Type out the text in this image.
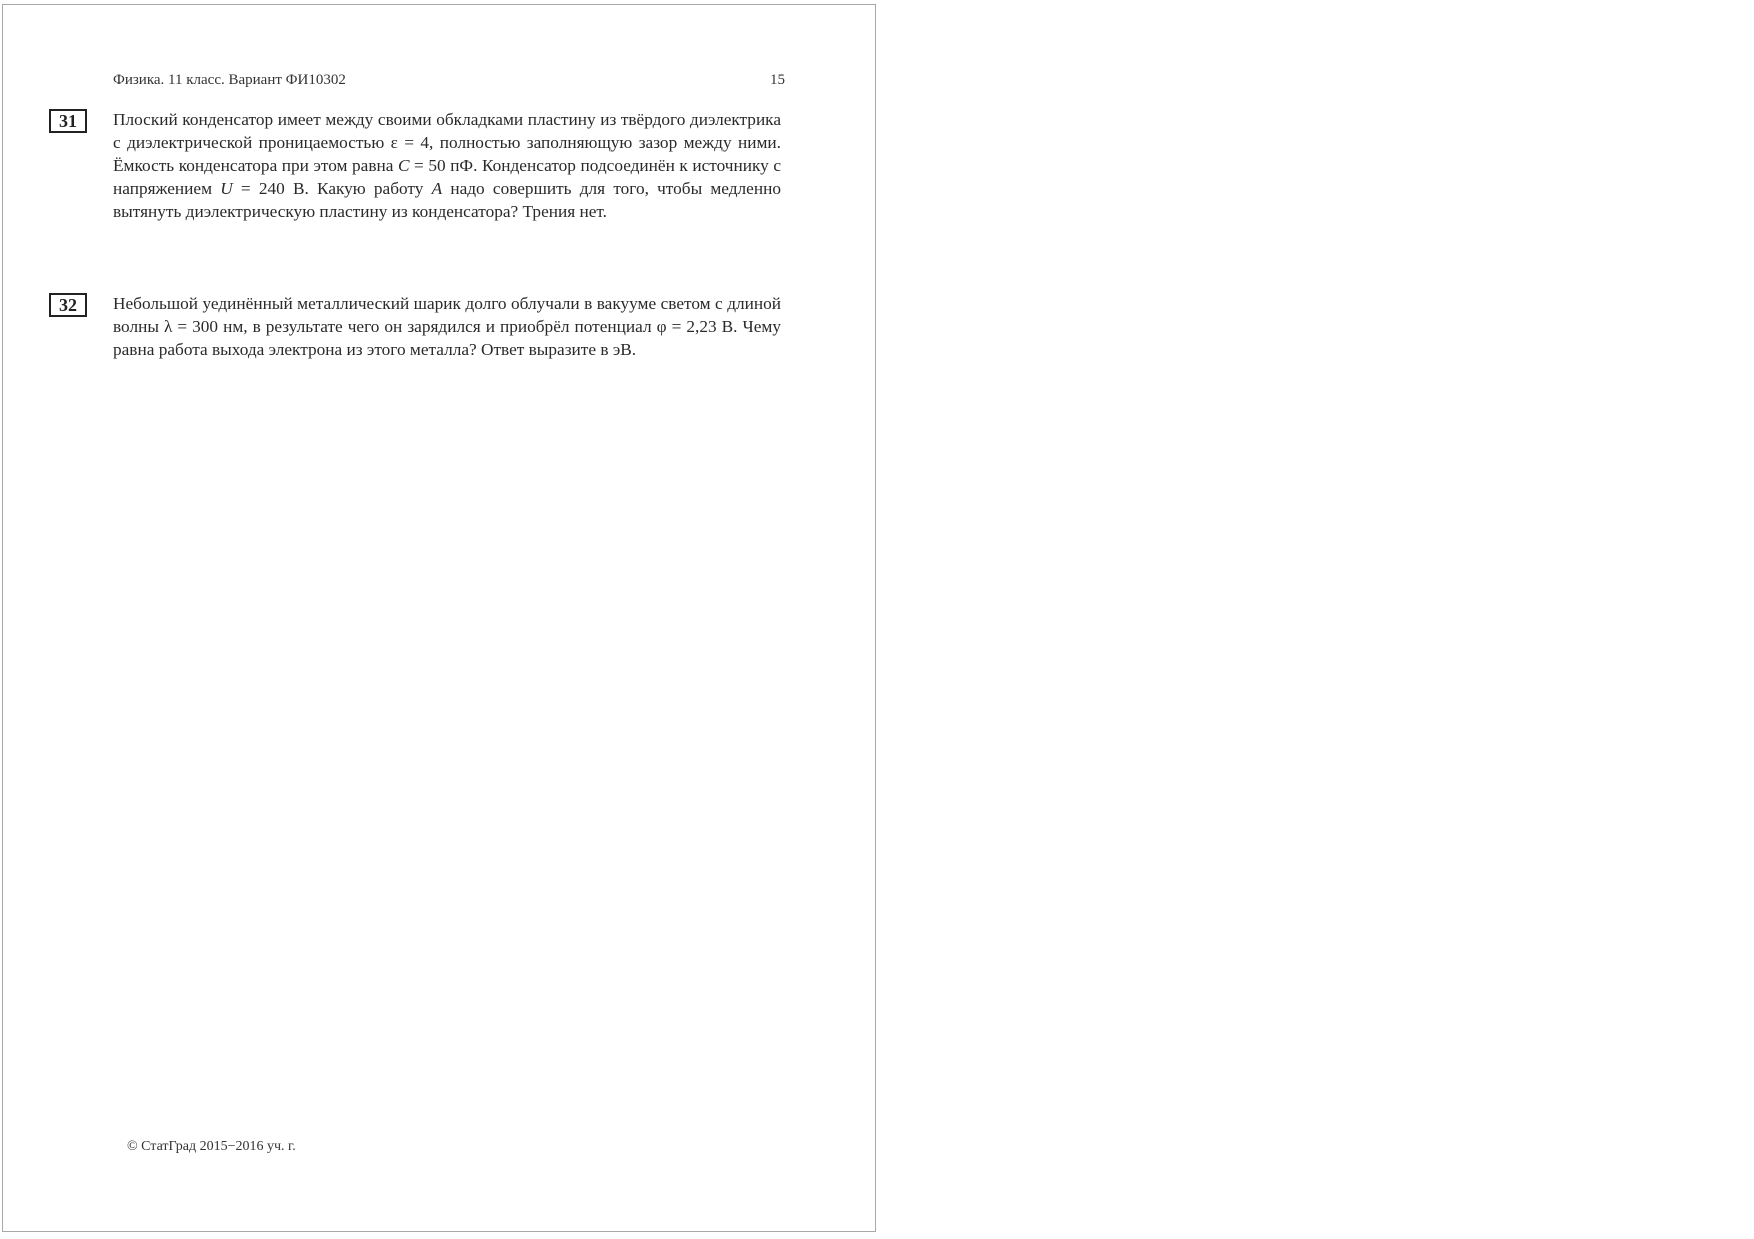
Физика. 11 класс. Вариант ФИ10302	15
31	Плоский конденсатор имеет между своими обкладками пластину из твёрдого диэлектрика с диэлектрической проницаемостью ε = 4, полностью заполняющую зазор между ними. Ёмкость конденсатора при этом равна C = 50 пФ. Конденсатор подсоединён к источнику с напряжением U = 240 В. Какую работу A надо совершить для того, чтобы медленно вытянуть диэлектрическую пластину из конденсатора? Трения нет.
32	Небольшой уединённый металлический шарик долго облучали в вакууме светом с длиной волны λ = 300 нм, в результате чего он зарядился и приобрёл потенциал φ = 2,23 В. Чему равна работа выхода электрона из этого металла? Ответ выразите в эВ.
© СтатГрад 2015−2016 уч. г.
